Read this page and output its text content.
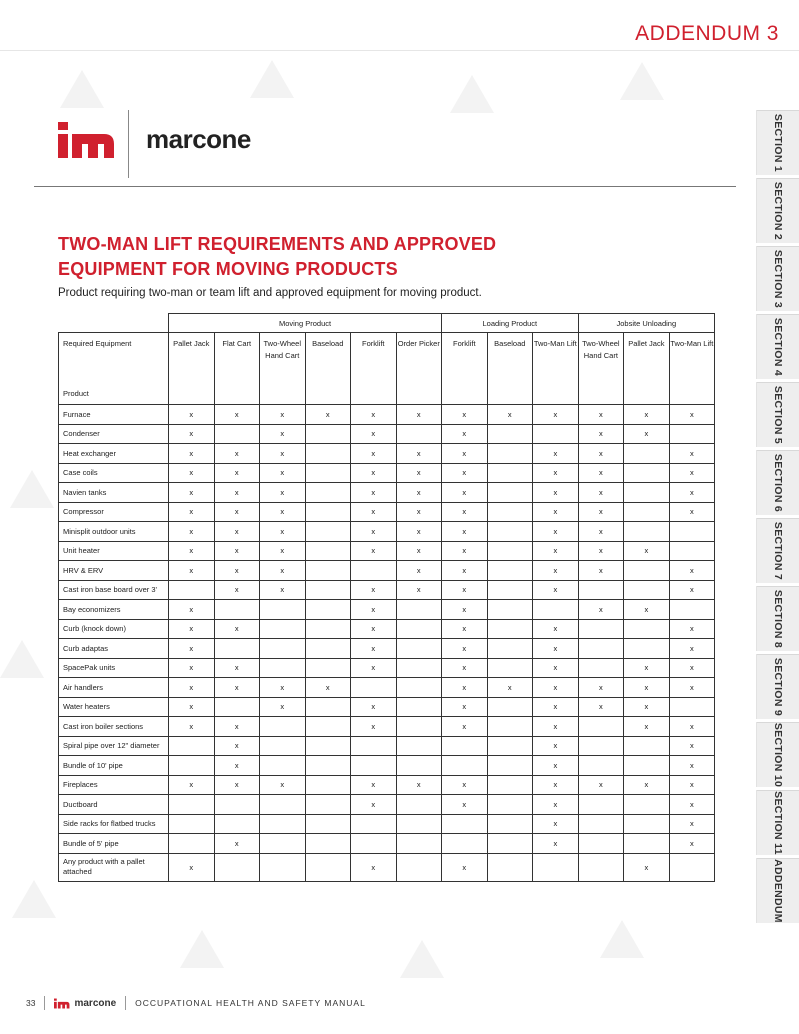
ADDENDUM 3
marcone
TWO-MAN LIFT REQUIREMENTS AND APPROVED
EQUIPMENT FOR MOVING PRODUCTS
Product requiring two-man or team lift and approved equipment for moving product.
	Moving Product						Loading Product			Jobsite Unloading		

Required Equipment
Product	Pallet Jack	Flat Cart	Two-Wheel Hand Cart	Baseload	Forklift	Order Picker	Forklift	Baseload	Two-Man Lift	Two-Wheel Hand Cart	Pallet Jack	Two-Man Lift
Furnace	x	x	x	x	x	x	x	x	x	x	x	x
Condenser	x		x		x		x			x	x	
Heat exchanger	x	x	x		x	x	x		x	x		x
Case coils	x	x	x		x	x	x		x	x		x
Navien tanks	x	x	x		x	x	x		x	x		x
Compressor	x	x	x		x	x	x		x	x		x
Minisplit outdoor units	x	x	x		x	x	x		x	x		
Unit heater	x	x	x		x	x	x		x	x	x	
HRV & ERV	x	x	x			x	x		x	x		x
Cast iron base board over 3'		x	x		x	x	x		x			x
Bay economizers	x				x		x			x	x	
Curb (knock down)	x	x			x		x		x			x
Curb adaptas	x				x		x		x			x
SpacePak units	x	x			x		x		x		x	x
Air handlers	x	x	x	x			x	x	x	x	x	x
Water heaters	x		x		x		x		x	x	x	
Cast iron boiler sections	x	x			x		x		x		x	x
Spiral pipe over 12" diameter		x							x			x
Bundle of 10' pipe		x							x			x
Fireplaces	x	x	x		x	x	x		x	x	x	x
Ductboard					x		x		x			x
Side racks for flatbed trucks									x			x
Bundle of 5' pipe		x							x			x
Any product with a pallet attached	x				x		x				x	
SECTION 1
SECTION 2
SECTION 3
SECTION 4
SECTION 5
SECTION 6
SECTION 7
SECTION 8
SECTION 9
SECTION 10
SECTION 11
ADDENDUM
33	marcone OCCUPATIONAL HEALTH AND SAFETY MANUAL
